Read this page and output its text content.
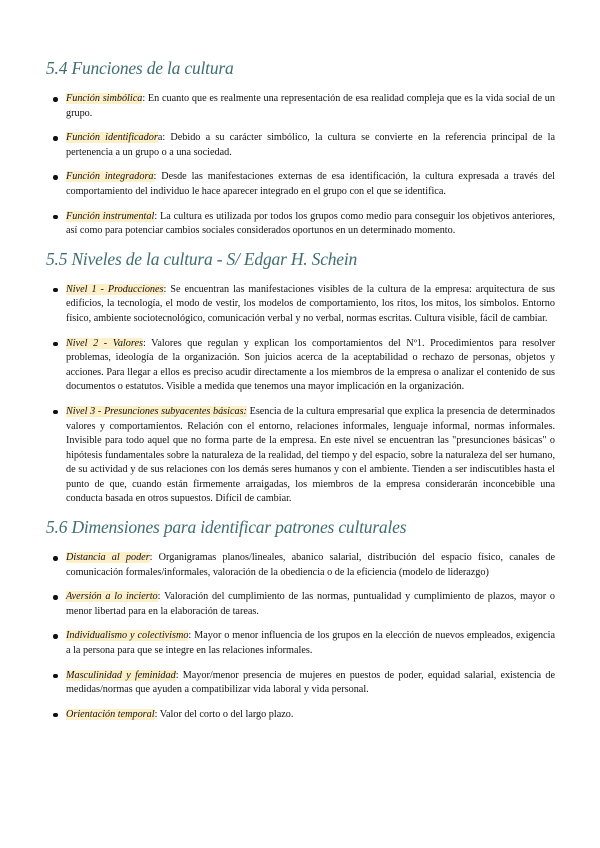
5.4 Funciones de la cultura
Función simbólica: En cuanto que es realmente una representación de esa realidad compleja que es la vida social de un grupo.
Función identificadora: Debido a su carácter simbólico, la cultura se convierte en la referencia principal de la pertenencia a un grupo o a una sociedad.
Función integradora: Desde las manifestaciones externas de esa identificación, la cultura expresada a través del comportamiento del individuo le hace aparecer integrado en el grupo con el que se identifica.
Función instrumental: La cultura es utilizada por todos los grupos como medio para conseguir los objetivos anteriores, así como para potenciar cambios sociales considerados oportunos en un determinado momento.
5.5 Niveles de la cultura - S/ Edgar H. Schein
Nivel 1 - Producciones: Se encuentran las manifestaciones visibles de la cultura de la empresa: arquitectura de sus edificios, la tecnología, el modo de vestir, los modelos de comportamiento, los ritos, los mitos, los símbolos. Entorno físico, ambiente sociotecnológico, comunicación verbal y no verbal, normas escritas. Cultura visible, fácil de cambiar.
Nivel 2 - Valores: Valores que regulan y explican los comportamientos del Nº1. Procedimientos para resolver problemas, ideología de la organización. Son juicios acerca de la aceptabilidad o rechazo de personas, objetos y acciones. Para llegar a ellos es preciso acudir directamente a los miembros de la empresa o analizar el contenido de sus documentos o estatutos. Visible a medida que tenemos una mayor implicación en la organización.
Nivel 3 - Presunciones subyacentes básicas: Esencia de la cultura empresarial que explica la presencia de determinados valores y comportamientos. Relación con el entorno, relaciones informales, lenguaje informal, normas informales. Invisible para todo aquel que no forma parte de la empresa. En este nivel se encuentran las "presunciones básicas" o hipótesis fundamentales sobre la naturaleza de la realidad, del tiempo y del espacio, sobre la naturaleza del ser humano, de su actividad y de sus relaciones con los demás seres humanos y con el ambiente. Tienden a ser indiscutibles hasta el punto de que, cuando están firmemente arraigadas, los miembros de la empresa considerarán inconcebible una conducta basada en otros supuestos. Difícil de cambiar.
5.6 Dimensiones para identificar patrones culturales
Distancia al poder: Organigramas planos/lineales, abanico salarial, distribución del espacio físico, canales de comunicación formales/informales, valoración de la obediencia o de la eficiencia (modelo de liderazgo)
Aversión a lo incierto: Valoración del cumplimiento de las normas, puntualidad y cumplimiento de plazos, mayor o menor libertad para en la elaboración de tareas.
Individualismo y colectivismo: Mayor o menor influencia de los grupos en la elección de nuevos empleados, exigencia a la persona para que se integre en las relaciones informales.
Masculinidad y feminidad: Mayor/menor presencia de mujeres en puestos de poder, equidad salarial, existencia de medidas/normas que ayuden a compatibilizar vida laboral y vida personal.
Orientación temporal: Valor del corto o del largo plazo.
